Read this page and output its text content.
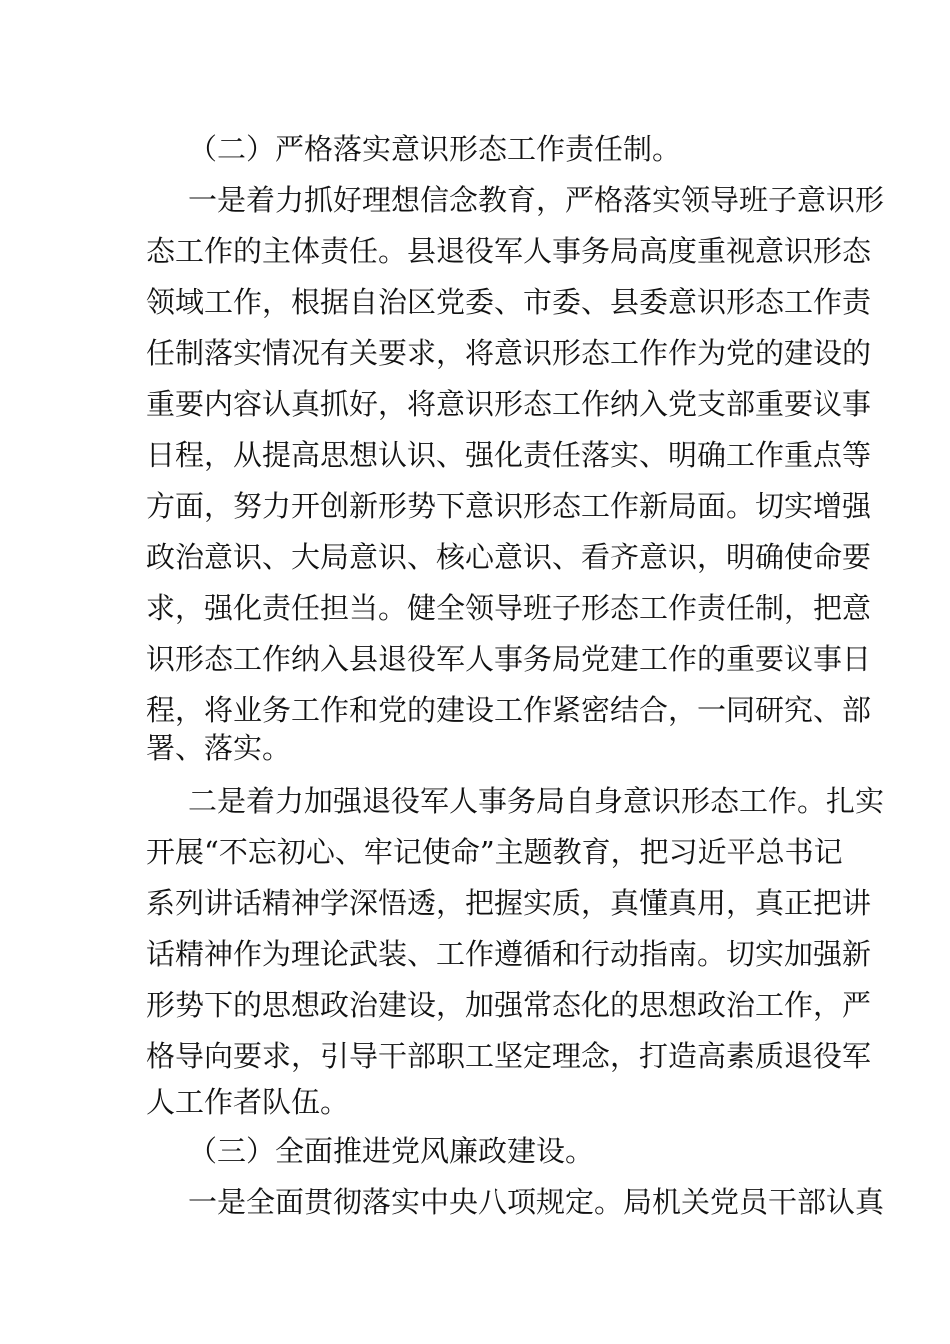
（二）严格落实意识形态工作责任制。
一是着力抓好理想信念教育，严格落实领导班子意识形
态工作的主体责任。县退役军人事务局高度重视意识形态
领域工作，根据自治区党委、市委、县委意识形态工作责
任制落实情况有关要求，将意识形态工作作为党的建设的
重要内容认真抓好，将意识形态工作纳入党支部重要议事
日程，从提高思想认识、强化责任落实、明确工作重点等
方面，努力开创新形势下意识形态工作新局面。切实增强
政治意识、大局意识、核心意识、看齐意识，明确使命要
求，强化责任担当。健全领导班子形态工作责任制，把意
识形态工作纳入县退役军人事务局党建工作的重要议事日
程，将业务工作和党的建设工作紧密结合，一同研究、部
署、落实。
二是着力加强退役军人事务局自身意识形态工作。扎实
开展“不忘初心、牢记使命”主题教育，把习近平总书记
系列讲话精神学深悟透，把握实质，真懂真用，真正把讲
话精神作为理论武装、工作遵循和行动指南。切实加强新
形势下的思想政治建设，加强常态化的思想政治工作，严
格导向要求，引导干部职工坚定理念，打造高素质退役军
人工作者队伍。
（三）全面推进党风廉政建设。
一是全面贯彻落实中央八项规定。局机关党员干部认真
